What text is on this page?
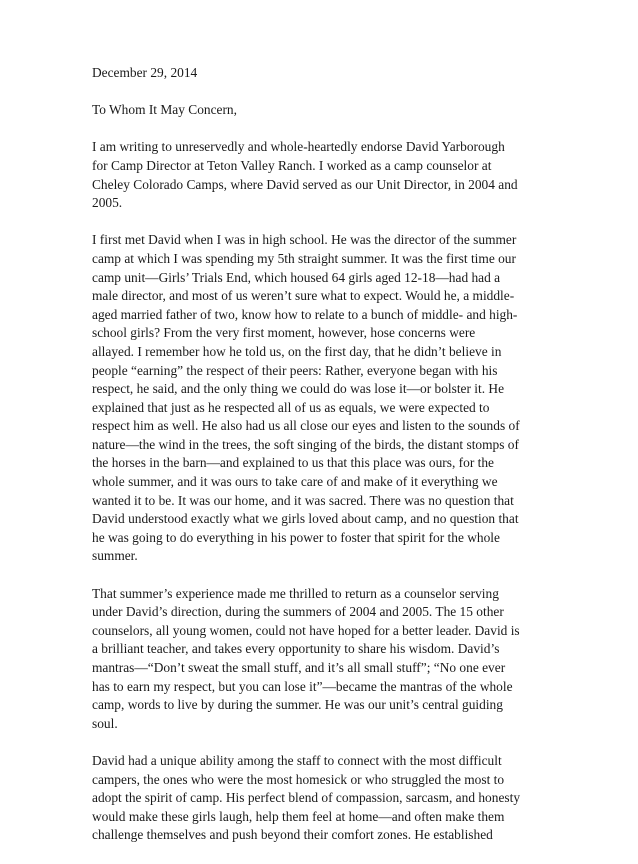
December 29, 2014

To Whom It May Concern,

I am writing to unreservedly and whole-heartedly endorse David Yarborough
for Camp Director at Teton Valley Ranch. I worked as a camp counselor at
Cheley Colorado Camps, where David served as our Unit Director, in 2004 and
2005.

I first met David when I was in high school. He was the director of the summer
camp at which I was spending my 5th straight summer. It was the first time our
camp unit—Girls’ Trials End, which housed 64 girls aged 12-18—had had a
male director, and most of us weren’t sure what to expect. Would he, a middle-
aged married father of two, know how to relate to a bunch of middle- and high-
school girls? From the very first moment, however, hose concerns were
allayed. I remember how he told us, on the first day, that he didn’t believe in
people “earning” the respect of their peers: Rather, everyone began with his
respect, he said, and the only thing we could do was lose it—or bolster it. He
explained that just as he respected all of us as equals, we were expected to
respect him as well. He also had us all close our eyes and listen to the sounds of
nature—the wind in the trees, the soft singing of the birds, the distant stomps of
the horses in the barn—and explained to us that this place was ours, for the
whole summer, and it was ours to take care of and make of it everything we
wanted it to be. It was our home, and it was sacred. There was no question that
David understood exactly what we girls loved about camp, and no question that
he was going to do everything in his power to foster that spirit for the whole
summer.

That summer’s experience made me thrilled to return as a counselor serving
under David’s direction, during the summers of 2004 and 2005. The 15 other
counselors, all young women, could not have hoped for a better leader. David is
a brilliant teacher, and takes every opportunity to share his wisdom. David’s
mantras—“Don’t sweat the small stuff, and it’s all small stuff”; “No one ever
has to earn my respect, but you can lose it”—became the mantras of the whole
camp, words to live by during the summer. He was our unit’s central guiding
soul.

David had a unique ability among the staff to connect with the most difficult
campers, the ones who were the most homesick or who struggled the most to
adopt the spirit of camp. His perfect blend of compassion, sarcasm, and honesty
would make these girls laugh, help them feel at home—and often make them
challenge themselves and push beyond their comfort zones. He established
